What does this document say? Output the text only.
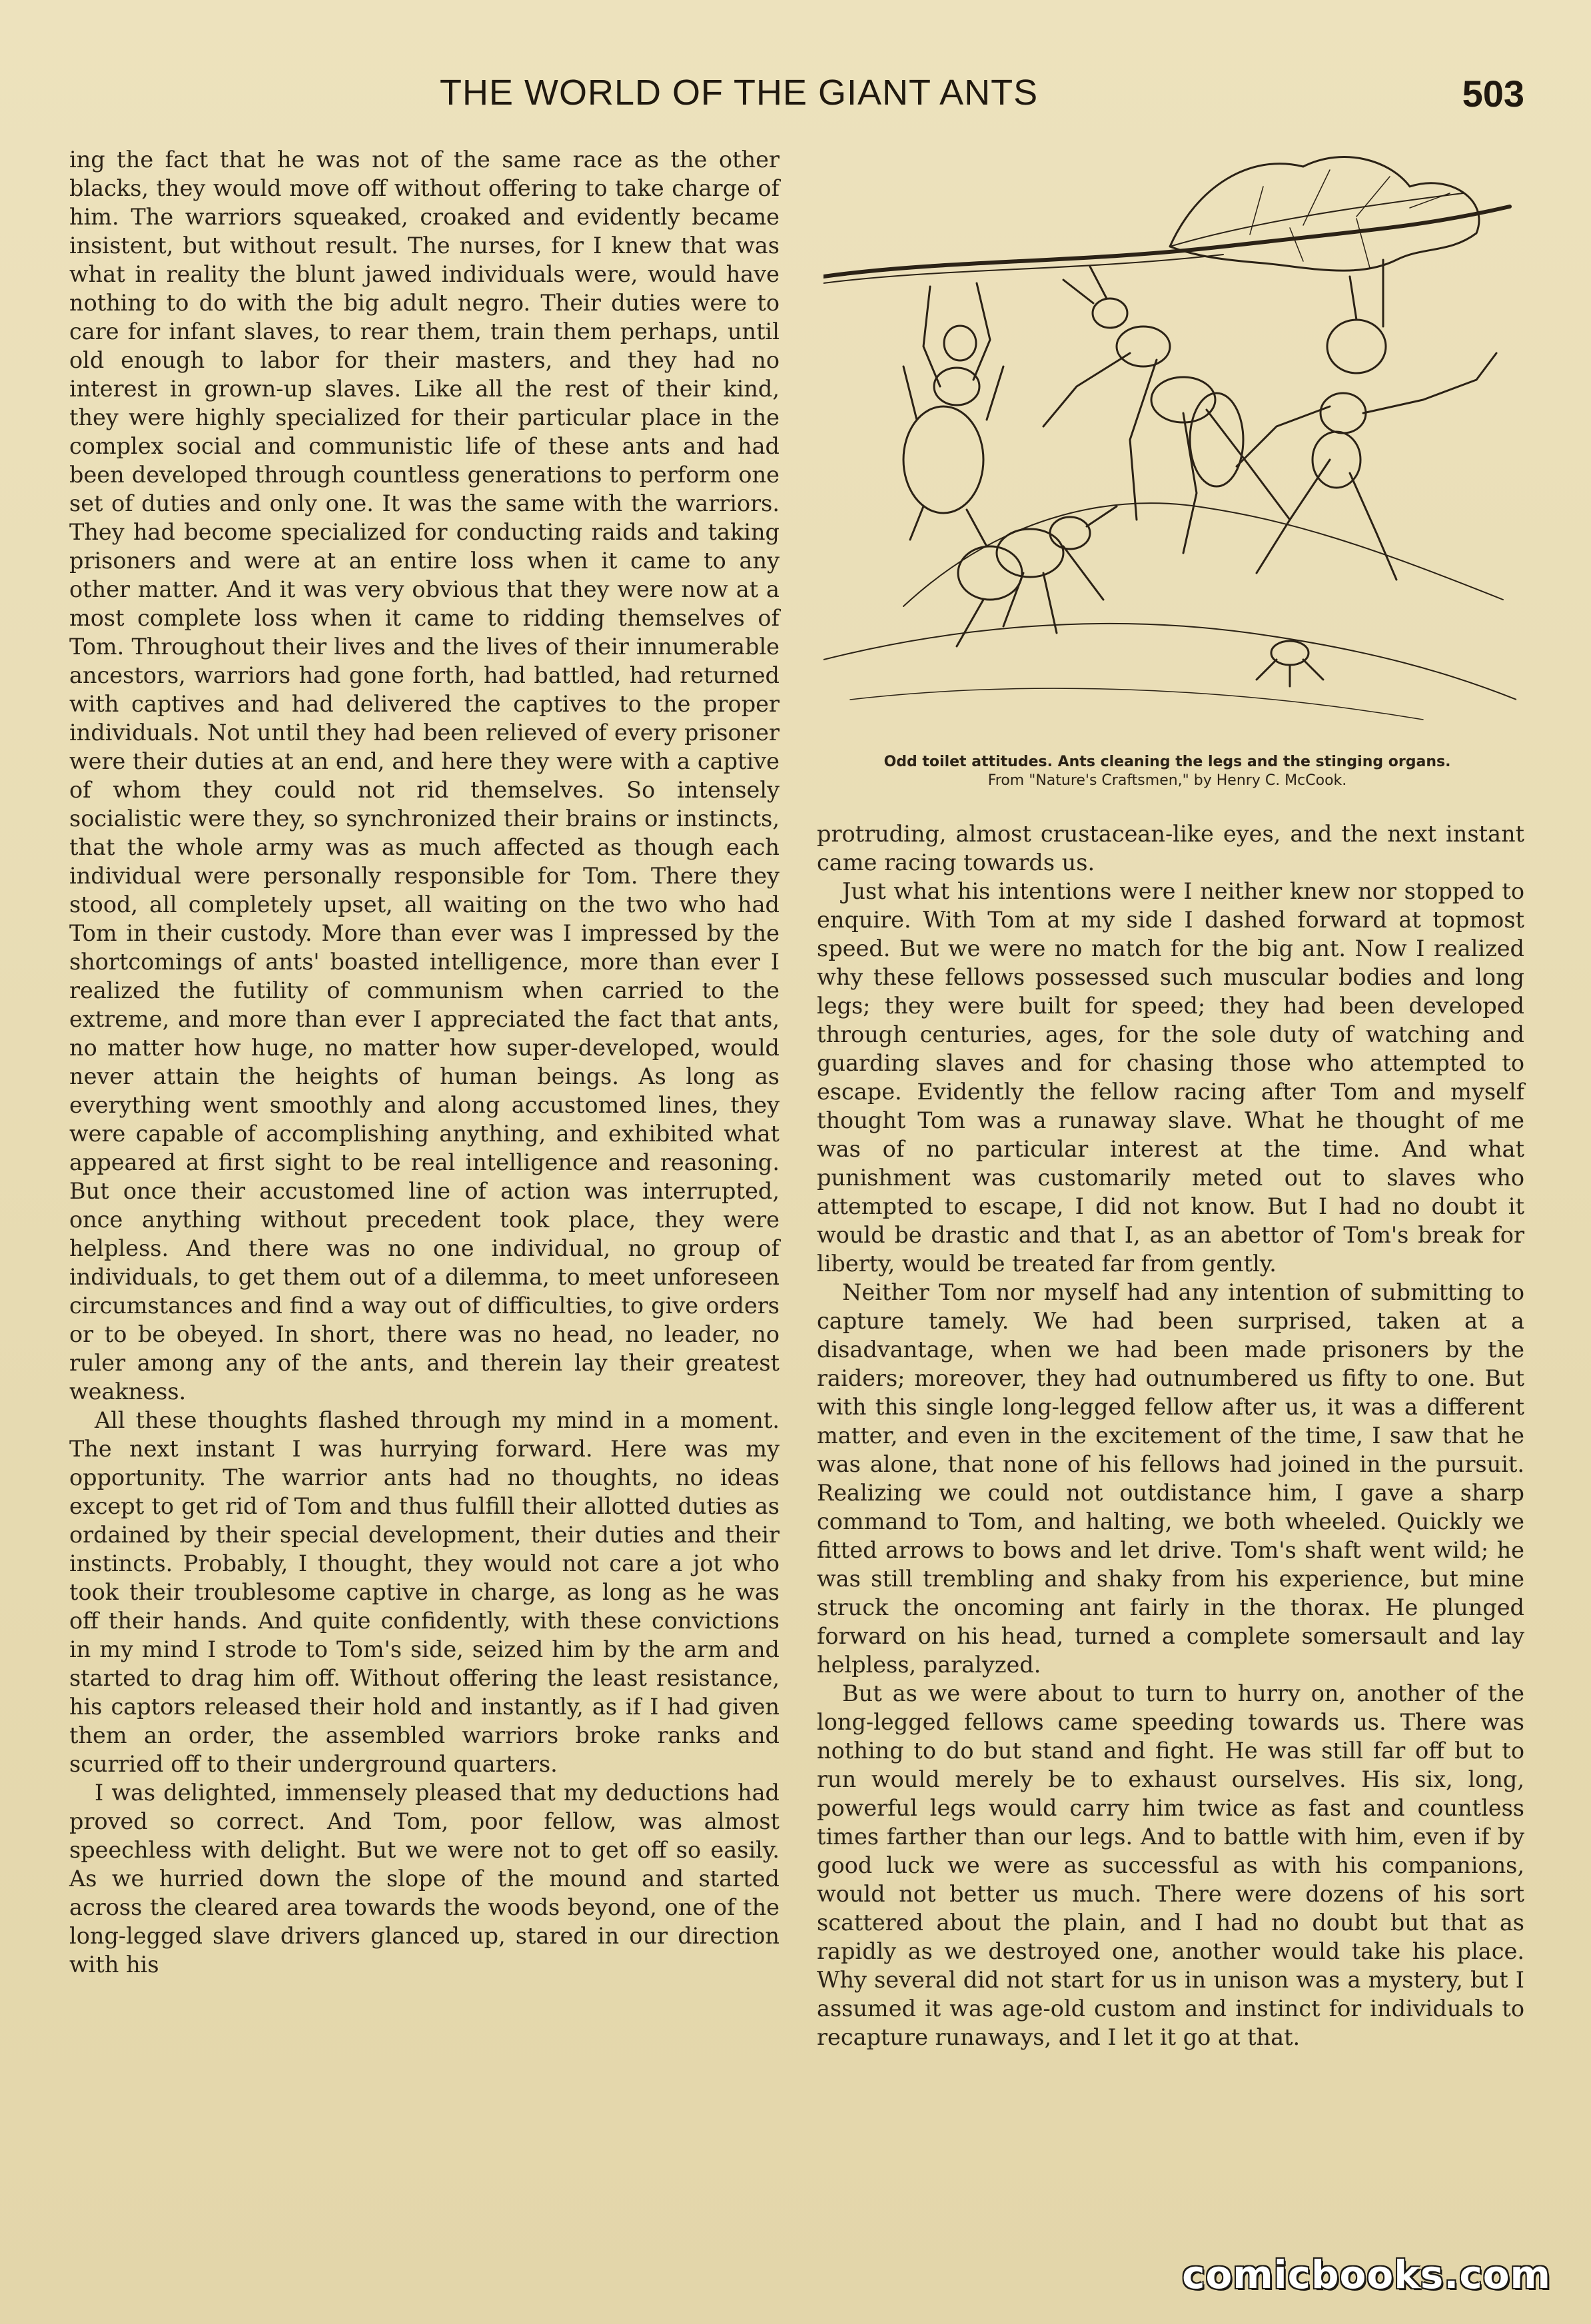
THE WORLD OF THE GIANT ANTS	503

ing the fact that he was not of the same race as the other blacks, they would move off without offering to take charge of him. The warriors squeaked, croaked and evidently became insistent, but without result. The nurses, for I knew that was what in reality the blunt jawed individuals were, would have nothing to do with the big adult negro. Their duties were to care for infant slaves, to rear them, train them perhaps, until old enough to labor for their masters, and they had no interest in grown-up slaves. Like all the rest of their kind, they were highly specialized for their particular place in the complex social and communistic life of these ants and had been developed through countless generations to perform one set of duties and only one. It was the same with the warriors. They had become specialized for conducting raids and taking prisoners and were at an entire loss when it came to any other matter. And it was very obvious that they were now at a most complete loss when it came to ridding themselves of Tom. Throughout their lives and the lives of their innumerable ancestors, warriors had gone forth, had battled, had returned with captives and had delivered the captives to the proper individuals. Not until they had been relieved of every prisoner were their duties at an end, and here they were with a captive of whom they could not rid themselves. So intensely socialistic were they, so synchronized their brains or instincts, that the whole army was as much affected as though each individual were personally responsible for Tom. There they stood, all completely upset, all waiting on the two who had Tom in their custody. More than ever was I impressed by the shortcomings of ants' boasted intelligence, more than ever I realized the futility of communism when carried to the extreme, and more than ever I appreciated the fact that ants, no matter how huge, no matter how super-developed, would never attain the heights of human beings. As long as everything went smoothly and along accustomed lines, they were capable of accomplishing anything, and exhibited what appeared at first sight to be real intelligence and reasoning. But once their accustomed line of action was interrupted, once anything without precedent took place, they were helpless. And there was no one individual, no group of individuals, to get them out of a dilemma, to meet unforeseen circumstances and find a way out of difficulties, to give orders or to be obeyed. In short, there was no head, no leader, no ruler among any of the ants, and therein lay their greatest weakness.

All these thoughts flashed through my mind in a moment. The next instant I was hurrying forward. Here was my opportunity. The warrior ants had no thoughts, no ideas except to get rid of Tom and thus fulfill their allotted duties as ordained by their special development, their duties and their instincts. Probably, I thought, they would not care a jot who took their troublesome captive in charge, as long as he was off their hands. And quite confidently, with these convictions in my mind I strode to Tom's side, seized him by the arm and started to drag him off. Without offering the least resistance, his captors released their hold and instantly, as if I had given them an order, the assembled warriors broke ranks and scurried off to their underground quarters.

I was delighted, immensely pleased that my deductions had proved so correct. And Tom, poor fellow, was almost speechless with delight. But we were not to get off so easily. As we hurried down the slope of the mound and started across the cleared area towards the woods beyond, one of the long-legged slave drivers glanced up, stared in our direction with his

Odd toilet attitudes. Ants cleaning the legs and the stinging organs.
From "Nature's Craftsmen," by Henry C. McCook.

protruding, almost crustacean-like eyes, and the next instant came racing towards us.

Just what his intentions were I neither knew nor stopped to enquire. With Tom at my side I dashed forward at topmost speed. But we were no match for the big ant. Now I realized why these fellows possessed such muscular bodies and long legs; they were built for speed; they had been developed through centuries, ages, for the sole duty of watching and guarding slaves and for chasing those who attempted to escape. Evidently the fellow racing after Tom and myself thought Tom was a runaway slave. What he thought of me was of no particular interest at the time. And what punishment was customarily meted out to slaves who attempted to escape, I did not know. But I had no doubt it would be drastic and that I, as an abettor of Tom's break for liberty, would be treated far from gently.

Neither Tom nor myself had any intention of submitting to capture tamely. We had been surprised, taken at a disadvantage, when we had been made prisoners by the raiders; moreover, they had outnumbered us fifty to one. But with this single long-legged fellow after us, it was a different matter, and even in the excitement of the time, I saw that he was alone, that none of his fellows had joined in the pursuit. Realizing we could not outdistance him, I gave a sharp command to Tom, and halting, we both wheeled. Quickly we fitted arrows to bows and let drive. Tom's shaft went wild; he was still trembling and shaky from his experience, but mine struck the oncoming ant fairly in the thorax. He plunged forward on his head, turned a complete somersault and lay helpless, paralyzed.

But as we were about to turn to hurry on, another of the long-legged fellows came speeding towards us. There was nothing to do but stand and fight. He was still far off but to run would merely be to exhaust ourselves. His six, long, powerful legs would carry him twice as fast and countless times farther than our legs. And to battle with him, even if by good luck we were as successful as with his companions, would not better us much. There were dozens of his sort scattered about the plain, and I had no doubt but that as rapidly as we destroyed one, another would take his place. Why several did not start for us in unison was a mystery, but I assumed it was age-old custom and instinct for individuals to recapture runaways, and I let it go at that.

comicbooks.com
